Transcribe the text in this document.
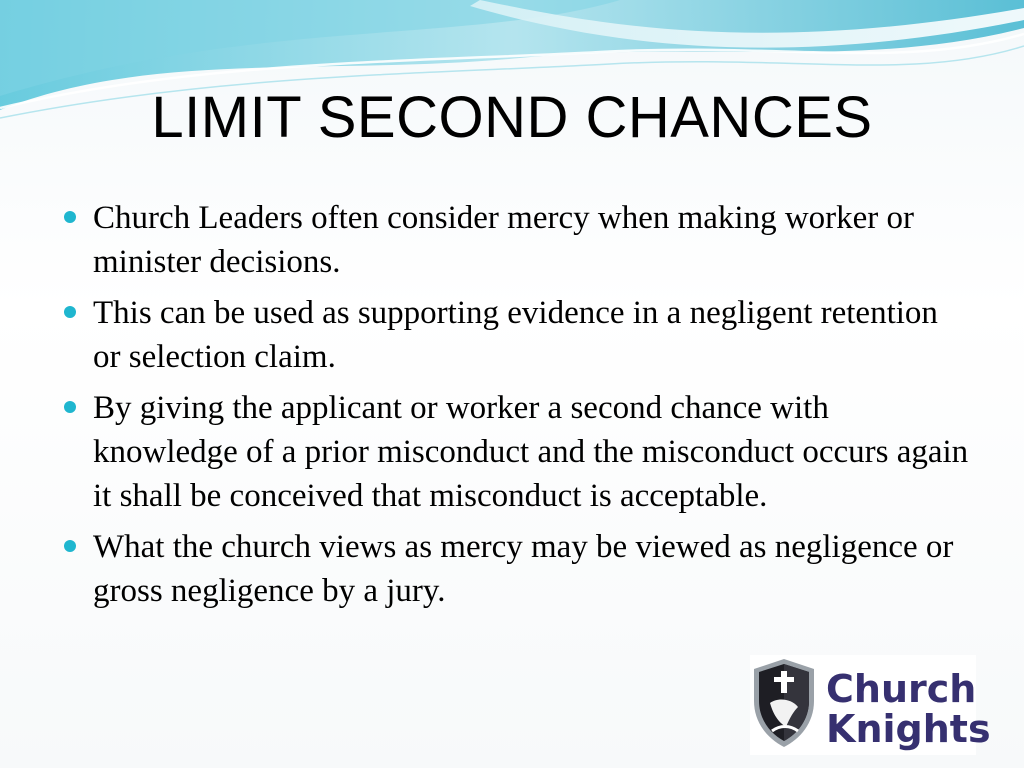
LIMIT SECOND CHANCES
Church Leaders often consider mercy when making worker or minister decisions.
This can be used as supporting evidence in a negligent retention or selection claim.
By giving the applicant or worker a second chance with knowledge of a prior misconduct and the misconduct occurs again it shall be conceived that misconduct is acceptable.
What the church views as mercy may be viewed as negligence or gross negligence by a jury.
Church
Knights
